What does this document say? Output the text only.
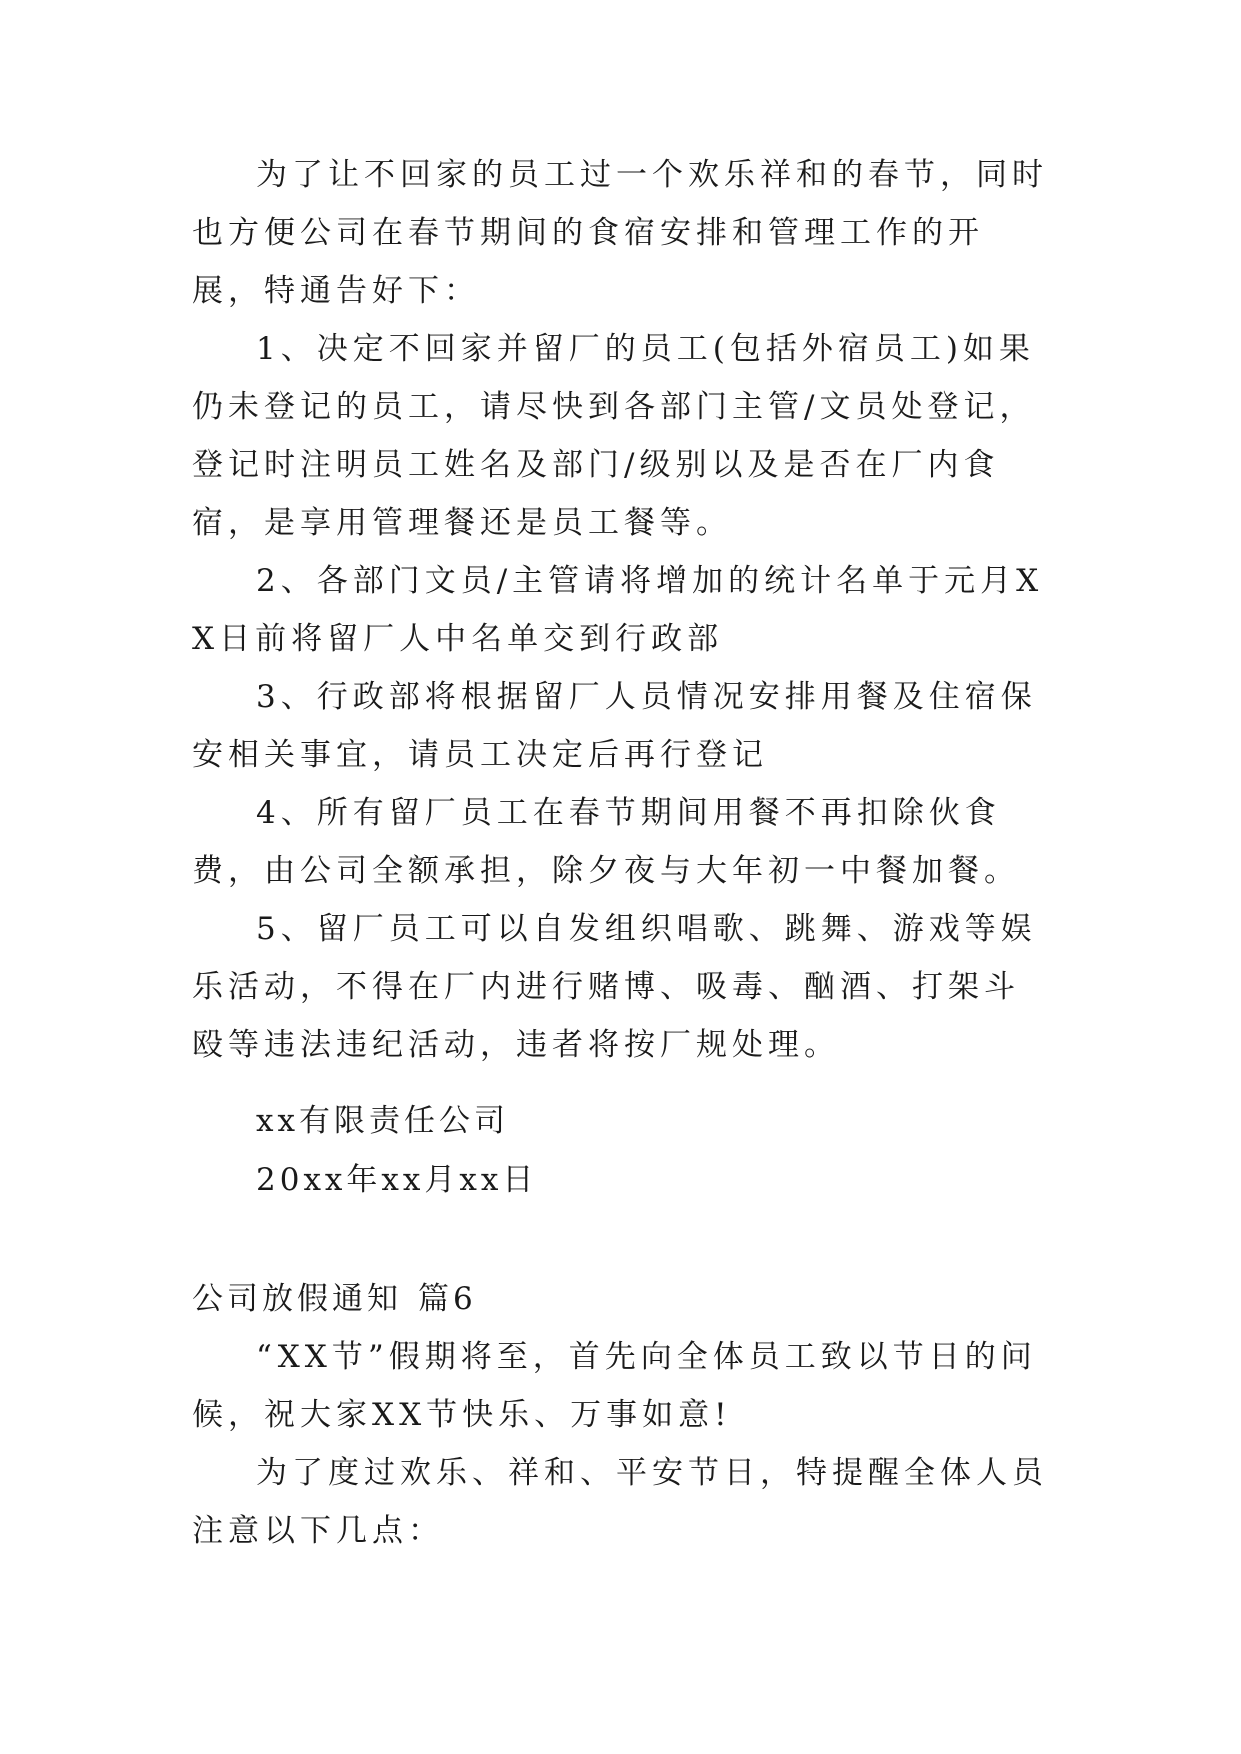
为了让不回家的员工过一个欢乐祥和的春节，同时也方便公司在春节期间的食宿安排和管理工作的开展，特通告好下：

1、决定不回家并留厂的员工(包括外宿员工)如果仍未登记的员工，请尽快到各部门主管/文员处登记，登记时注明员工姓名及部门/级别以及是否在厂内食宿，是享用管理餐还是员工餐等。

2、各部门文员/主管请将增加的统计名单于元月XX日前将留厂人中名单交到行政部

3、行政部将根据留厂人员情况安排用餐及住宿保安相关事宜，请员工决定后再行登记

4、所有留厂员工在春节期间用餐不再扣除伙食费，由公司全额承担，除夕夜与大年初一中餐加餐。

5、留厂员工可以自发组织唱歌、跳舞、游戏等娱乐活动，不得在厂内进行赌博、吸毒、酗酒、打架斗殴等违法违纪活动，违者将按厂规处理。

xx有限责任公司
20xx年xx月xx日
公司放假通知 篇6

“XX节”假期将至，首先向全体员工致以节日的问候，祝大家XX节快乐、万事如意!

为了度过欢乐、祥和、平安节日，特提醒全体人员注意以下几点：
